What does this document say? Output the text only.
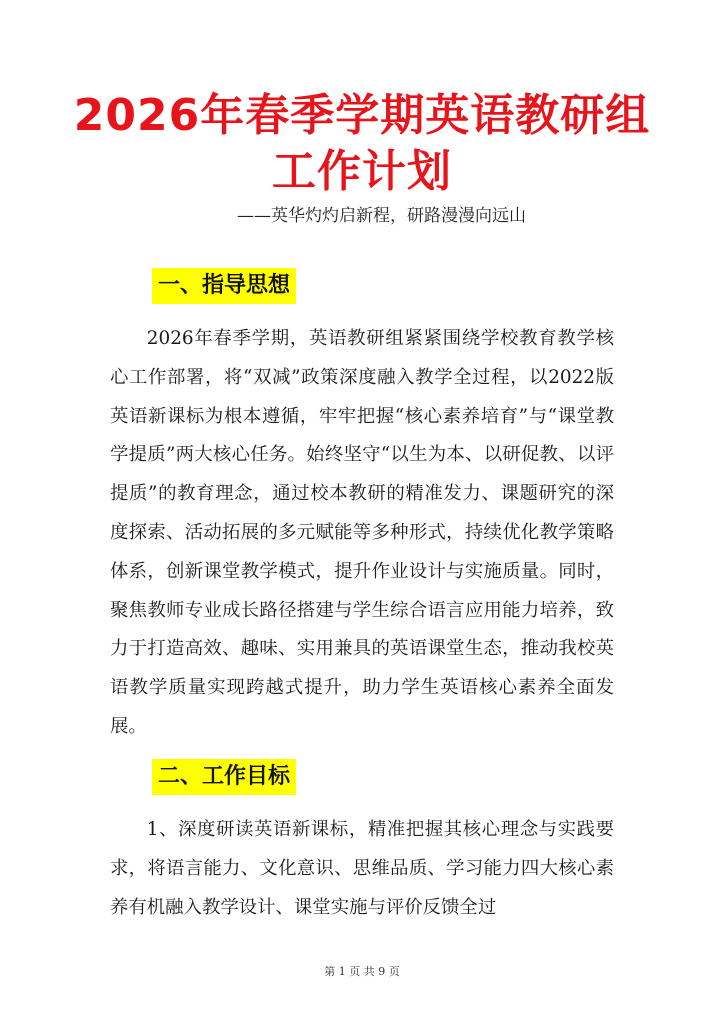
2026年春季学期英语教研组工作计划

——英华灼灼启新程，研路漫漫向远山

一、指导思想

2026年春季学期，英语教研组紧紧围绕学校教育教学核心工作部署，将“双减”政策深度融入教学全过程，以2022版英语新课标为根本遵循，牢牢把握“核心素养培育”与“课堂教学提质”两大核心任务。始终坚守“以生为本、以研促教、以评提质”的教育理念，通过校本教研的精准发力、课题研究的深度探索、活动拓展的多元赋能等多种形式，持续优化教学策略体系，创新课堂教学模式，提升作业设计与实施质量。同时，聚焦教师专业成长路径搭建与学生综合语言应用能力培养，致力于打造高效、趣味、实用兼具的英语课堂生态，推动我校英语教学质量实现跨越式提升，助力学生英语核心素养全面发展。

二、工作目标

1、深度研读英语新课标，精准把握其核心理念与实践要求，将语言能力、文化意识、思维品质、学习能力四大核心素养有机融入教学设计、课堂实施与评价反馈全过

第 1 页 共 9 页
